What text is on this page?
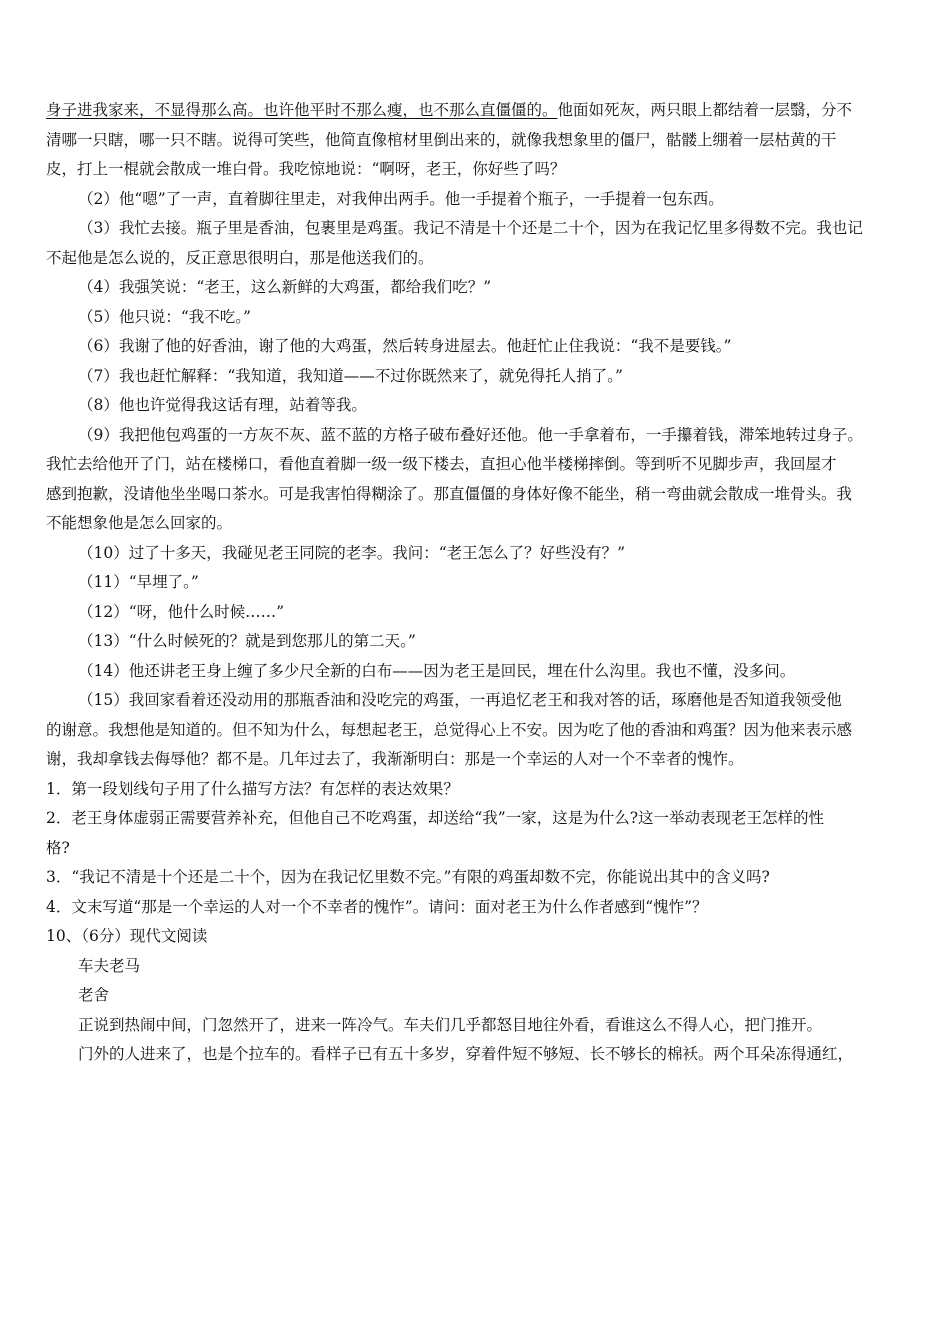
身子进我家来，不显得那么高。也许他平时不那么瘦，也不那么直僵僵的。他面如死灰，两只眼上都结着一层翳，分不
清哪一只瞎，哪一只不瞎。说得可笑些，他简直像棺材里倒出来的，就像我想象里的僵尸，骷髅上绷着一层枯黄的干
皮，打上一棍就会散成一堆白骨。我吃惊地说：“啊呀，老王，你好些了吗？
（2）他“嗯”了一声，直着脚往里走，对我伸出两手。他一手提着个瓶子，一手提着一包东西。
（3）我忙去接。瓶子里是香油，包裹里是鸡蛋。我记不清是十个还是二十个，因为在我记忆里多得数不完。我也记
不起他是怎么说的，反正意思很明白，那是他送我们的。
（4）我强笑说：“老王，这么新鲜的大鸡蛋，都给我们吃？”
（5）他只说：“我不吃。”
（6）我谢了他的好香油，谢了他的大鸡蛋，然后转身进屋去。他赶忙止住我说：“我不是要钱。”
（7）我也赶忙解释：“我知道，我知道——不过你既然来了，就免得托人捎了。”
（8）他也许觉得我这话有理，站着等我。
（9）我把他包鸡蛋的一方灰不灰、蓝不蓝的方格子破布叠好还他。他一手拿着布，一手攥着钱，滞笨地转过身子。
我忙去给他开了门，站在楼梯口，看他直着脚一级一级下楼去，直担心他半楼梯摔倒。等到听不见脚步声，我回屋才
感到抱歉，没请他坐坐喝口茶水。可是我害怕得糊涂了。那直僵僵的身体好像不能坐，稍一弯曲就会散成一堆骨头。我
不能想象他是怎么回家的。
（10）过了十多天，我碰见老王同院的老李。我问：“老王怎么了？好些没有？”
（11）“早埋了。”
（12）“呀，他什么时候……”
（13）“什么时候死的？就是到您那儿的第二天。”
（14）他还讲老王身上缠了多少尺全新的白布——因为老王是回民，埋在什么沟里。我也不懂，没多问。
（15）我回家看着还没动用的那瓶香油和没吃完的鸡蛋，一再追忆老王和我对答的话，琢磨他是否知道我领受他
的谢意。我想他是知道的。但不知为什么，每想起老王，总觉得心上不安。因为吃了他的香油和鸡蛋？因为他来表示感
谢，我却拿钱去侮辱他？都不是。几年过去了，我渐渐明白：那是一个幸运的人对一个不幸者的愧怍。
1．第一段划线句子用了什么描写方法？有怎样的表达效果？
2．老王身体虚弱正需要营养补充，但他自己不吃鸡蛋，却送给“我”一家，这是为什么?这一举动表现老王怎样的性
格?
3．“我记不清是十个还是二十个，因为在我记忆里数不完。”有限的鸡蛋却数不完，你能说出其中的含义吗?
4．文末写道“那是一个幸运的人对一个不幸者的愧怍”。请问：面对老王为什么作者感到“愧怍”？
10、（6分）现代文阅读
车夫老马
老舍
正说到热闹中间，门忽然开了，进来一阵冷气。车夫们几乎都怒目地往外看，看谁这么不得人心，把门推开。
门外的人进来了，也是个拉车的。看样子已有五十多岁，穿着件短不够短、长不够长的棉袄。两个耳朵冻得通红，
